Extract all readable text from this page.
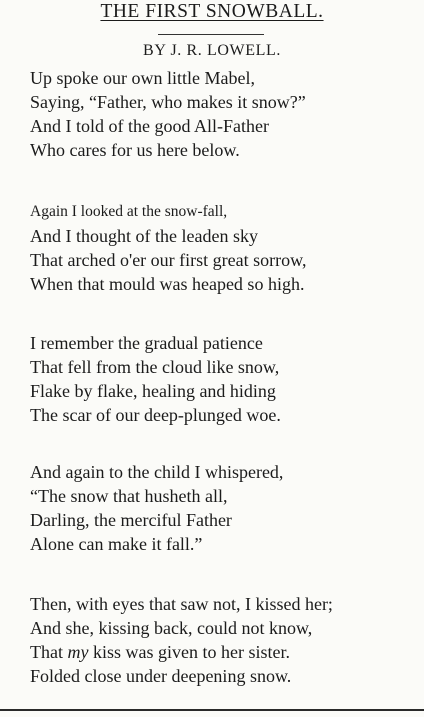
THE FIRST SNOWBALL.
BY J. R. LOWELL.
Up spoke our own little Mabel,
Saying, “Father, who makes it snow?”
And I told of the good All-Father
Who cares for us here below.
Again I looked at the snow-fall,
And I thought of the leaden sky
That arched o'er our first great sorrow,
When that mould was heaped so high.
I remember the gradual patience
That fell from the cloud like snow,
Flake by flake, healing and hiding
The scar of our deep-plunged woe.
And again to the child I whispered,
“The snow that husheth all,
Darling, the merciful Father
Alone can make it fall.”
Then, with eyes that saw not, I kissed her;
And she, kissing back, could not know,
That my kiss was given to her sister.
Folded close under deepening snow.
